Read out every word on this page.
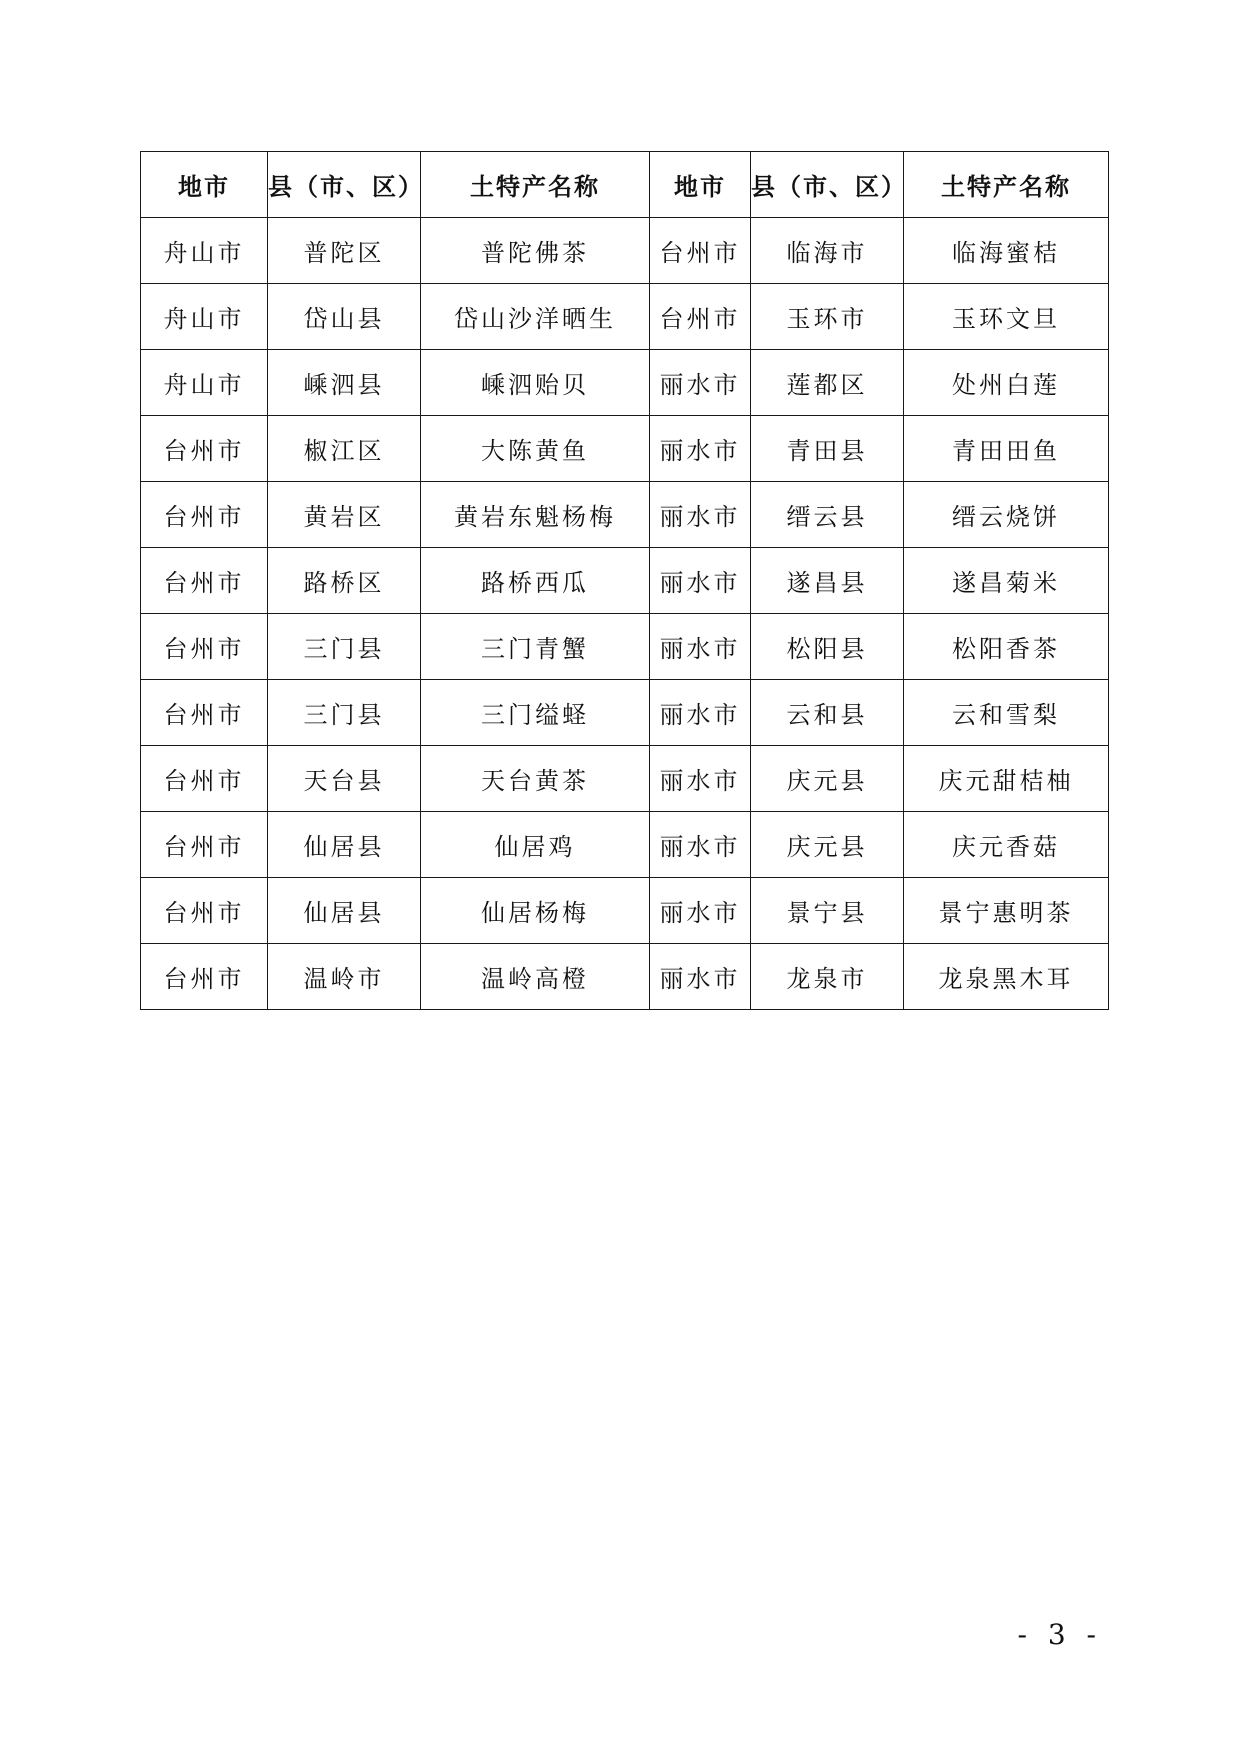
地市	县（市、区）	土特产名称	地市	县（市、区）	土特产名称
舟山市	普陀区	普陀佛茶	台州市	临海市	临海蜜桔
舟山市	岱山县	岱山沙洋晒生	台州市	玉环市	玉环文旦
舟山市	嵊泗县	嵊泗贻贝	丽水市	莲都区	处州白莲
台州市	椒江区	大陈黄鱼	丽水市	青田县	青田田鱼
台州市	黄岩区	黄岩东魁杨梅	丽水市	缙云县	缙云烧饼
台州市	路桥区	路桥西瓜	丽水市	遂昌县	遂昌菊米
台州市	三门县	三门青蟹	丽水市	松阳县	松阳香茶
台州市	三门县	三门缢蛏	丽水市	云和县	云和雪梨
台州市	天台县	天台黄茶	丽水市	庆元县	庆元甜桔柚
台州市	仙居县	仙居鸡	丽水市	庆元县	庆元香菇
台州市	仙居县	仙居杨梅	丽水市	景宁县	景宁惠明茶
台州市	温岭市	温岭高橙	丽水市	龙泉市	龙泉黑木耳
- 3 -
